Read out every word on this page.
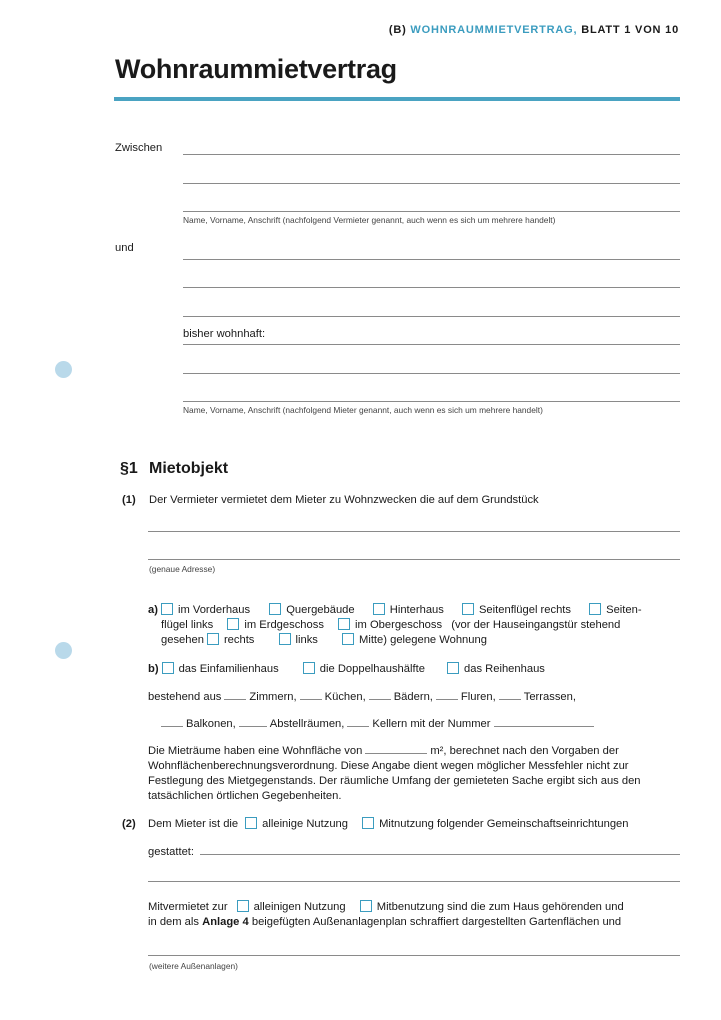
(B) WOHNRAUMMIETVERTRAG, BLATT 1 VON 10
Wohnraummietvertrag
Zwischen
Name, Vorname, Anschrift (nachfolgend Vermieter genannt, auch wenn es sich um mehrere handelt)
und
bisher wohnhaft:
Name, Vorname, Anschrift (nachfolgend Mieter genannt, auch wenn es sich um mehrere handelt)
§1 Mietobjekt
(1) Der Vermieter vermietet dem Mieter zu Wohnzwecken die auf dem Grundstück
(genaue Adresse)
a) im Vorderhaus	Quergebäude	Hinterhaus	Seitenflügel rechts	Seiten-
flügel links	im Erdgeschoss	im Obergeschoss (vor der Hauseingangstür stehend
gesehen rechts	links	Mitte) gelegene Wohnung
b) das Einfamilienhaus	die Doppelhaushälfte	das Reihenhaus
bestehend aus	Zimmern,	Küchen,	Bädern,	Fluren,	Terrassen,
Balkonen,	Abstellräumen,	Kellern mit der Nummer
Die Mieträume haben eine Wohnfläche von	m², berechnet nach den Vorgaben der
Wohnflächenberechnungsverordnung. Diese Angabe dient wegen möglicher Messfehler nicht zur
Festlegung des Mietgegenstands. Der räumliche Umfang der gemieteten Sache ergibt sich aus den
tatsächlichen örtlichen Gegebenheiten.
(2) Dem Mieter ist die alleinige Nutzung	Mitnutzung folgender Gemeinschaftseinrichtungen
gestattet:
Mitvermietet zur alleinigen Nutzung	Mitbenutzung sind die zum Haus gehörenden und
in dem als Anlage 4 beigefügten Außenanlagenplan schraffiert dargestellten Gartenflächen und
(weitere Außenanlagen)
